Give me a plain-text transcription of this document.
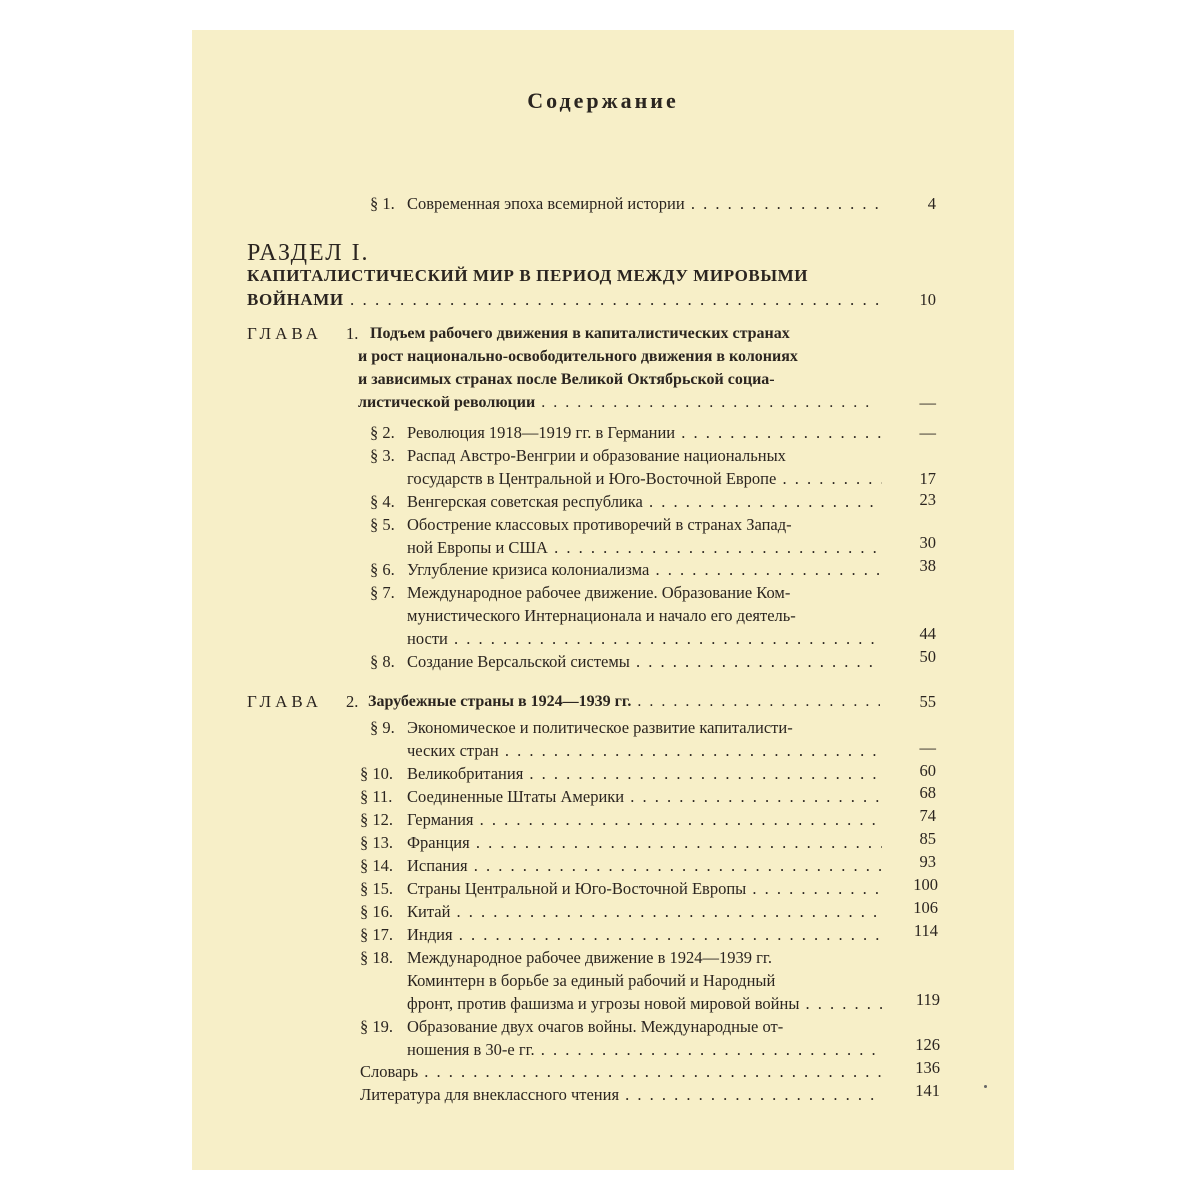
Содержание
§ 1. Современная эпоха всемирной истории . . .	4
РАЗДЕЛ I.
КАПИТАЛИСТИЧЕСКИЙ МИР В ПЕРИОД МЕЖДУ МИРОВЫМИ
ВОЙНАМИ . . .	10
ГЛАВА 1. Подъем рабочего движения в капиталистических странах
и рост национально-освободительного движения в колониях
и зависимых странах после Великой Октябрьской социа-
листической революции . . .	—
§ 2. Революция 1918—1919 гг. в Германии . . .	—
§ 3. Распад Австро-Венгрии и образование национальных
государств в Центральной и Юго-Восточной Европе . . .	17
§ 4. Венгерская советская республика . . .	23
§ 5. Обострение классовых противоречий в странах Запад-
ной Европы и США . . .	30
§ 6. Углубление кризиса колониализма . . .	38
§ 7. Международное рабочее движение. Образование Ком-
мунистического Интернационала и начало его деятель-
ности . . .	44
§ 8. Создание Версальской системы . . .	50
ГЛАВА 2. Зарубежные страны в 1924—1939 гг. . . .	55
§ 9. Экономическое и политическое развитие капиталисти-
ческих стран . . .	—
§ 10. Великобритания . . .	60
§ 11. Соединенные Штаты Америки . . .	68
§ 12. Германия . . .	74
§ 13. Франция . . .	85
§ 14. Испания . . .	93
§ 15. Страны Центральной и Юго-Восточной Европы . . .	100
§ 16. Китай . . .	106
§ 17. Индия . . .	114
§ 18. Международное рабочее движение в 1924—1939 гг.
Коминтерн в борьбе за единый рабочий и Народный
фронт, против фашизма и угрозы новой мировой войны . . .	119
§ 19. Образование двух очагов войны. Международные от-
ношения в 30-е гг. . . .	126
Словарь . . .	136
Литература для внеклассного чтения . . .	141
